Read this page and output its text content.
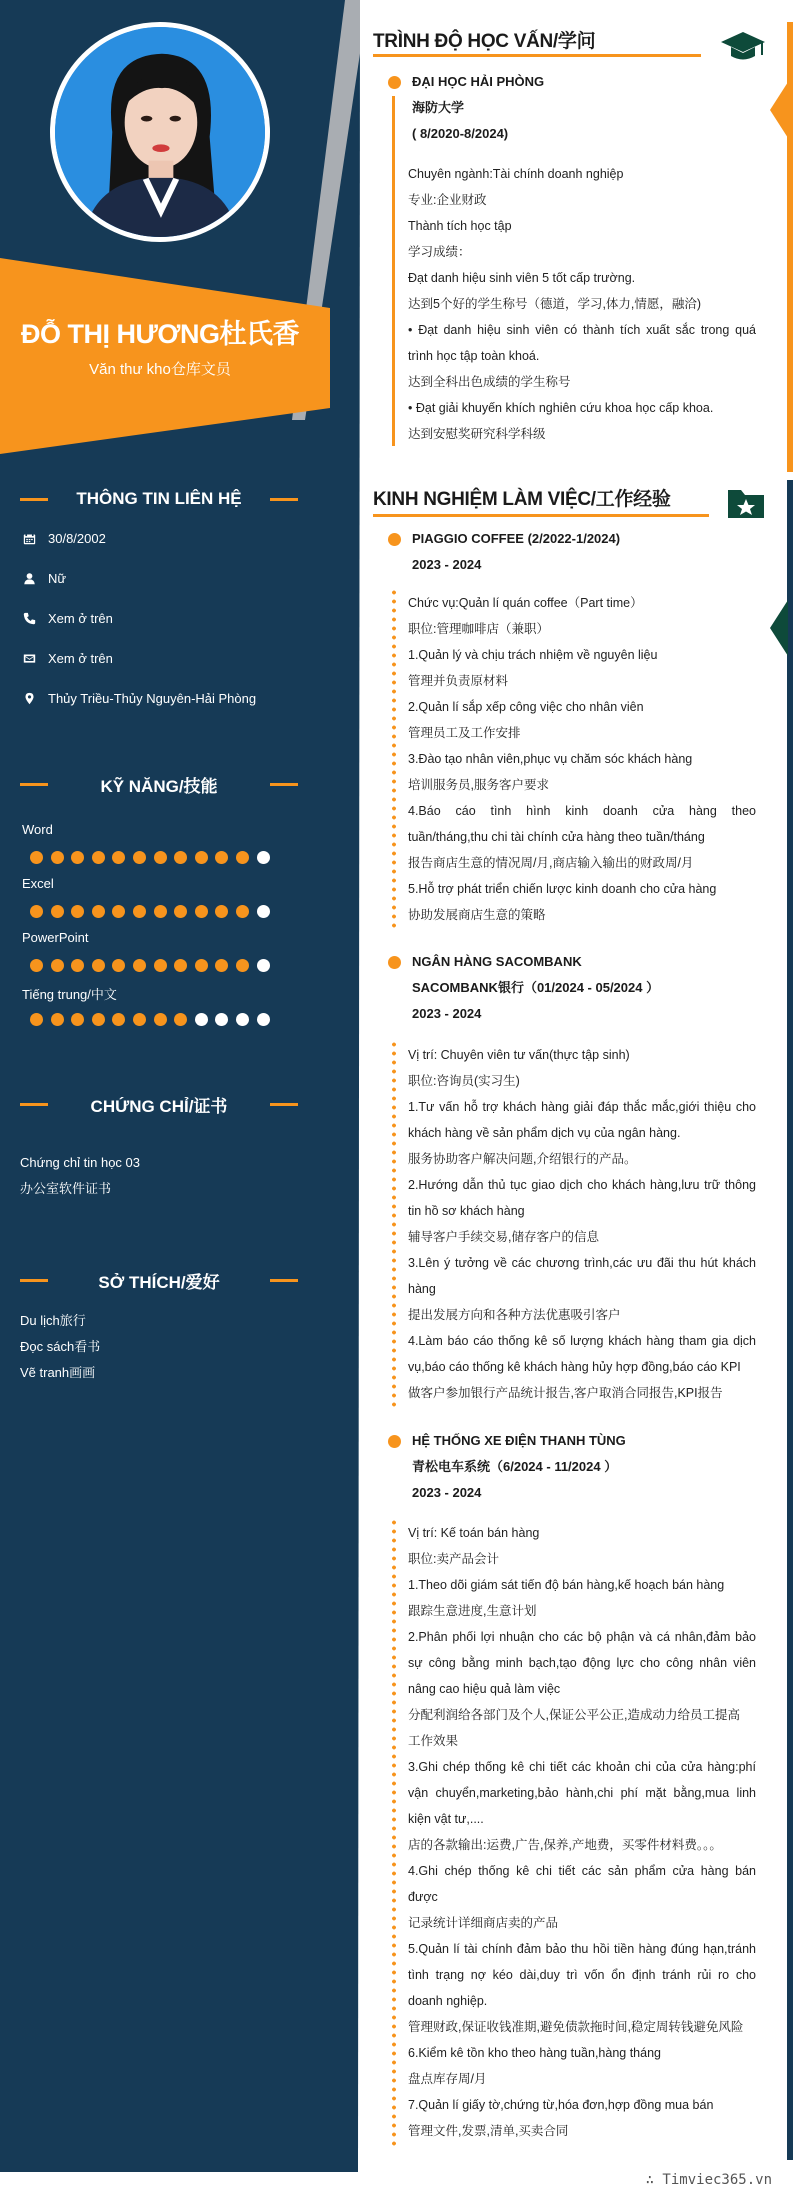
ĐỖ THỊ HƯƠNG杜氏香
Văn thư kho仓库文员
THÔNG TIN LIÊN HỆ
30/8/2002
Nữ
Xem ở trên
Xem ở trên
Thủy Triều-Thủy Nguyên-Hải Phòng
KỸ NĂNG/技能
Word
Excel
PowerPoint
Tiếng trung/中文
CHỨNG CHỈ/证书
Chứng chỉ tin học 03
办公室软件证书
SỞ THÍCH/爱好
Du lịch旅行
Đọc sách看书
Vẽ tranh画画
TRÌNH ĐỘ HỌC VẤN/学问
ĐẠI HỌC HẢI PHÒNG
海防大学
( 8/2020-8/2024)
Chuyên ngành:Tài chính doanh nghiệp
专业:企业财政
Thành tích học tập
学习成绩：
Đạt danh hiệu sinh viên 5 tốt cấp trường.
达到5个好的学生称号（德道，学习,体力,情愿，融洽)
• Đạt danh hiệu sinh viên có thành tích xuất sắc trong quá
trình học tập toàn khoá.
达到全科出色成绩的学生称号
• Đạt giải khuyến khích nghiên cứu khoa học cấp khoa.
达到安慰奖研究科学科级
KINH NGHIỆM LÀM VIỆC/工作经验
PIAGGIO COFFEE (2/2022-1/2024)
2023 - 2024
Chức vụ:Quản lí quán coffee（Part time）
职位:管理咖啡店（兼职）
1.Quản lý và chịu trách nhiệm về nguyên liệu
管理并负责原材料
2.Quản lí sắp xếp công việc cho nhân viên
管理员工及工作安排
3.Đào tạo nhân viên,phục vụ chăm sóc khách hàng
培训服务员,服务客户要求
4.Báo cáo tình hình kinh doanh cửa hàng theo
tuần/tháng,thu chi tài chính cửa hàng theo tuần/tháng
报告商店生意的情况周/月,商店输入输出的财政周/月
5.Hỗ trợ phát triển chiến lược kinh doanh cho cửa hàng
协助发展商店生意的策略
NGÂN HÀNG SACOMBANK
SACOMBANK银行（01/2024 - 05/2024 ）
2023 - 2024
Vị trí: Chuyên viên tư vấn(thực tập sinh)
职位:咨询员(实习生)
1.Tư vấn hỗ trợ khách hàng giải đáp thắc mắc,giới thiệu cho
khách hàng về sản phẩm dịch vụ của ngân hàng.
服务协助客户解决问题,介绍银行的产品。
2.Hướng dẫn thủ tục giao dịch cho khách hàng,lưu trữ thông
tin hồ sơ khách hàng
辅导客户手续交易,储存客户的信息
3.Lên ý tưởng về các chương trình,các ưu đãi thu hút khách
hàng
提出发展方向和各种方法优惠吸引客户
4.Làm báo cáo thống kê số lượng khách hàng tham gia dịch
vụ,báo cáo thống kê khách hàng hủy hợp đồng,báo cáo KPI
做客户参加银行产品统计报告,客户取消合同报告,KPI报告
HỆ THỐNG XE ĐIỆN THANH TÙNG
青松电车系统（6/2024 - 11/2024 ）
2023 - 2024
Vị trí: Kế toán bán hàng
职位:卖产品会计
1.Theo dõi giám sát tiến độ bán hàng,kế hoạch bán hàng
跟踪生意进度,生意计划
2.Phân phối lợi nhuận cho các bộ phận và cá nhân,đảm bảo
sự công bằng minh bạch,tạo động lực cho công nhân viên
nâng cao hiệu quả làm việc
分配利润给各部门及个人,保证公平公正,造成动力给员工提高
工作效果
3.Ghi chép thống kê chi tiết các khoản chi của cửa hàng:phí
vận chuyển,marketing,bảo hành,chi phí mặt bằng,mua linh
kiện vật tư,....
店的各款输出:运费,广告,保养,产地费，买零件材料费。。。
4.Ghi chép thống kê chi tiết các sản phẩm cửa hàng bán
được
记录统计详细商店卖的产品
5.Quản lí tài chính đảm bảo thu hồi tiền hàng đúng hạn,tránh
tình trạng nợ kéo dài,duy trì vốn ổn định tránh rủi ro cho
doanh nghiệp.
管理财政,保证收钱准期,避免债款拖时间,稳定周转钱避免风险
6.Kiểm kê tồn kho theo hàng tuần,hàng tháng
盘点库存周/月
7.Quản lí giấy tờ,chứng từ,hóa đơn,hợp đồng mua bán
管理文件,发票,清单,买卖合同
∴ Timviec365.vn
